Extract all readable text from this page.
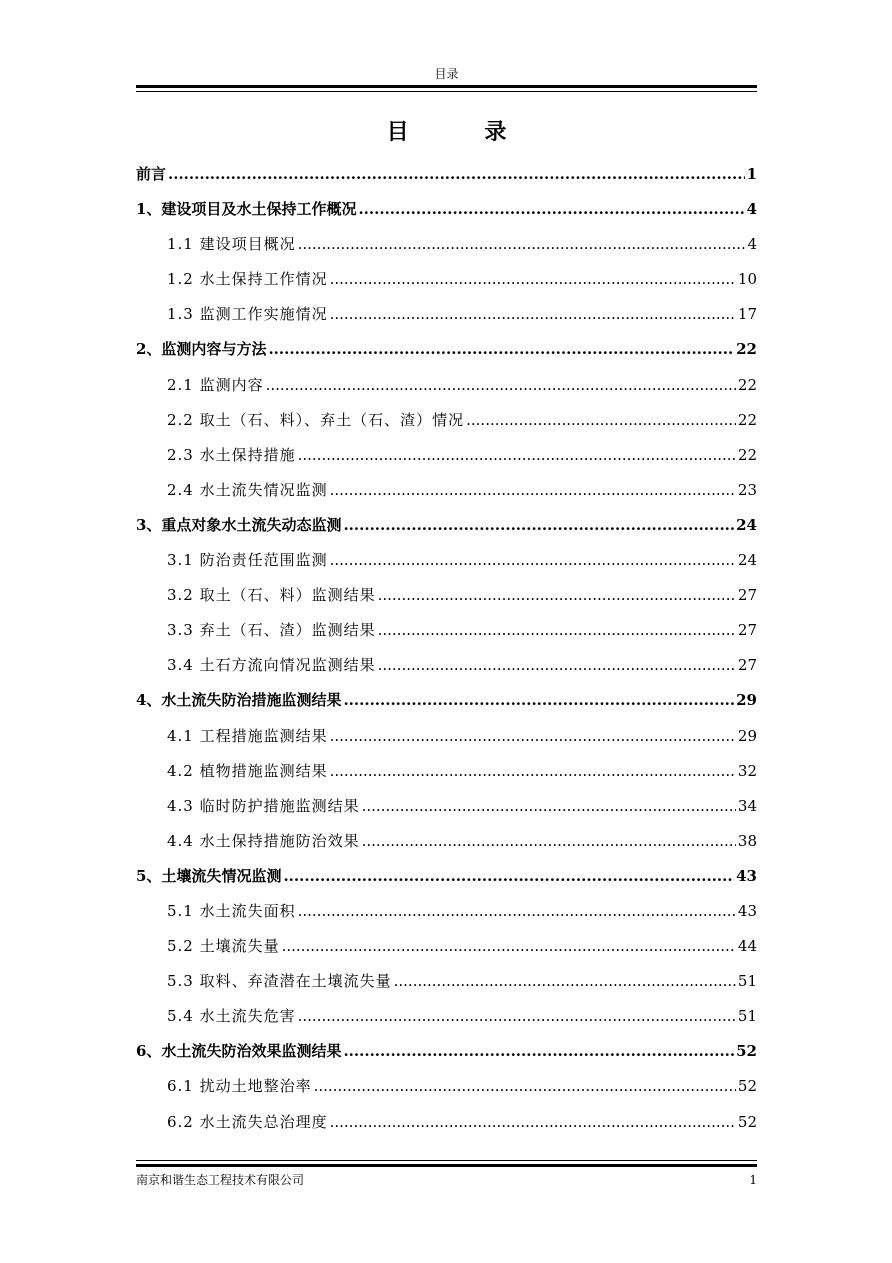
目录
目 录
前言 .....	1
1、建设项目及水土保持工作概况 .....	4
1.1 建设项目概况 .....	4
1.2 水土保持工作情况 .....	10
1.3 监测工作实施情况 .....	17
2、监测内容与方法 .....	22
2.1 监测内容 .....	22
2.2 取土（石、料）、弃土（石、渣）情况 .....	22
2.3 水土保持措施 .....	22
2.4 水土流失情况监测 .....	23
3、重点对象水土流失动态监测 .....	24
3.1 防治责任范围监测 .....	24
3.2 取土（石、料）监测结果 .....	27
3.3 弃土（石、渣）监测结果 .....	27
3.4 土石方流向情况监测结果 .....	27
4、水土流失防治措施监测结果 .....	29
4.1 工程措施监测结果 .....	29
4.2 植物措施监测结果 .....	32
4.3 临时防护措施监测结果 .....	34
4.4 水土保持措施防治效果 .....	38
5、土壤流失情况监测 .....	43
5.1 水土流失面积 .....	43
5.2 土壤流失量 .....	44
5.3 取料、弃渣潜在土壤流失量 .....	51
5.4 水土流失危害 .....	51
6、水土流失防治效果监测结果 .....	52
6.1 扰动土地整治率 .....	52
6.2 水土流失总治理度 .....	52
南京和谐生态工程技术有限公司	1
